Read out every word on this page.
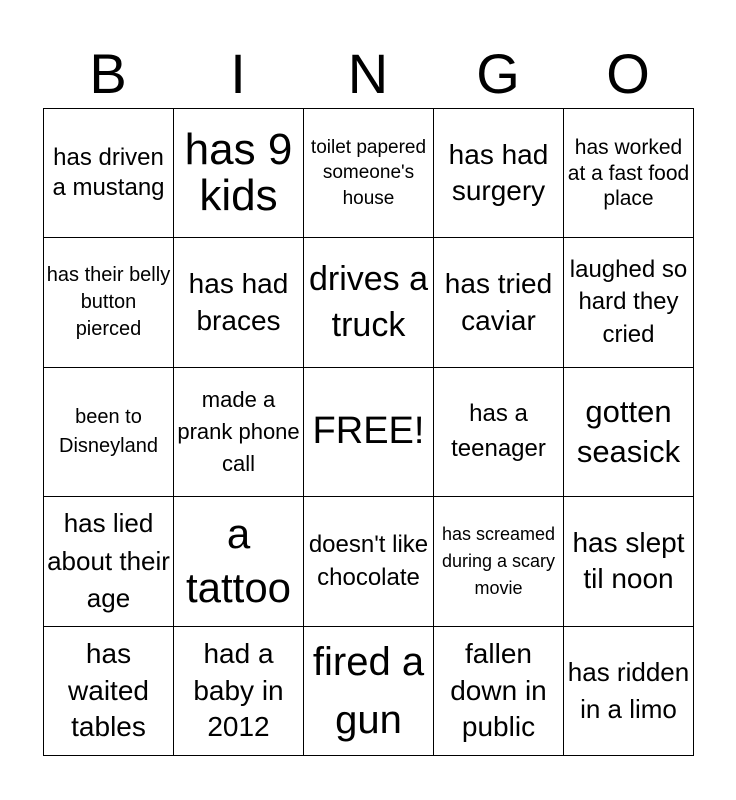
B	I	N	G	O
has driven a mustang	has 9 kids	toilet papered someone's house	has had surgery	has worked at a fast food place

has their belly button pierced	has had braces	drives a truck	has tried caviar	laughed so hard they cried

been to Disneyland	made a prank phone call	FREE!	has a teenager	gotten seasick

has lied about their age	a tattoo	doesn't like chocolate	has screamed during a scary movie	has slept til noon

has waited tables	had a baby in 2012	fired a gun	fallen down in public	has ridden in a limo
